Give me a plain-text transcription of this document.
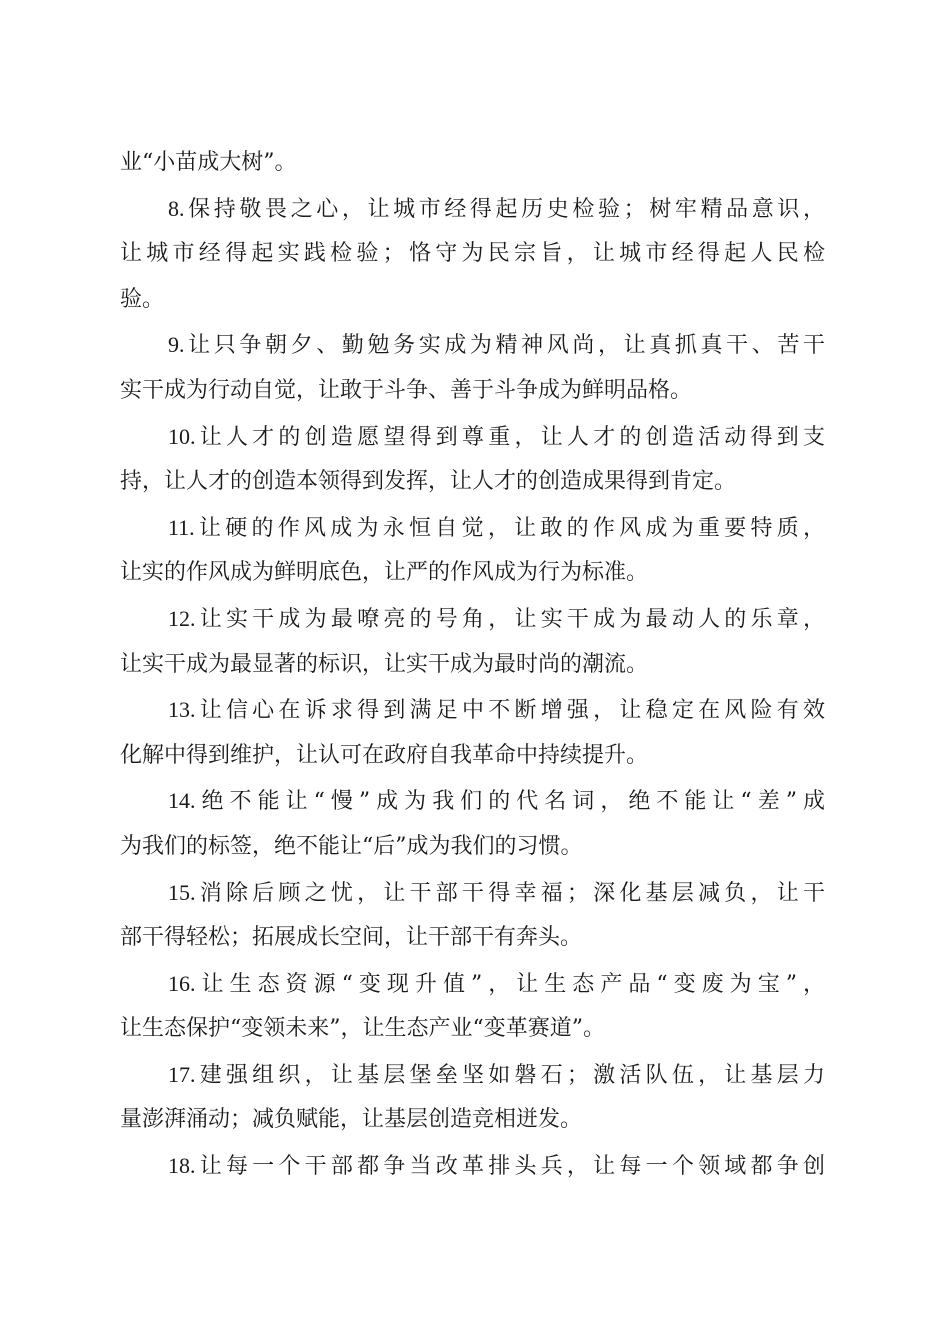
业“小苗成大树”。
8.保持敬畏之心，让城市经得起历史检验；树牢精品意识，
让城市经得起实践检验；恪守为民宗旨，让城市经得起人民检
验。
9.让只争朝夕、勤勉务实成为精神风尚，让真抓真干、苦干
实干成为行动自觉，让敢于斗争、善于斗争成为鲜明品格。
10.让人才的创造愿望得到尊重，让人才的创造活动得到支
持，让人才的创造本领得到发挥，让人才的创造成果得到肯定。
11.让硬的作风成为永恒自觉，让敢的作风成为重要特质，
让实的作风成为鲜明底色，让严的作风成为行为标准。
12.让实干成为最嘹亮的号角，让实干成为最动人的乐章，
让实干成为最显著的标识，让实干成为最时尚的潮流。
13.让信心在诉求得到满足中不断增强，让稳定在风险有效
化解中得到维护，让认可在政府自我革命中持续提升。
14.绝不能让“慢”成为我们的代名词，绝不能让“差”成
为我们的标签，绝不能让“后”成为我们的习惯。
15.消除后顾之忧，让干部干得幸福；深化基层减负，让干
部干得轻松；拓展成长空间，让干部干有奔头。
16.让生态资源“变现升值”，让生态产品“变废为宝”，
让生态保护“变领未来”，让生态产业“变革赛道”。
17.建强组织，让基层堡垒坚如磐石；激活队伍，让基层力
量澎湃涌动；减负赋能，让基层创造竞相迸发。
18.让每一个干部都争当改革排头兵，让每一个领域都争创
